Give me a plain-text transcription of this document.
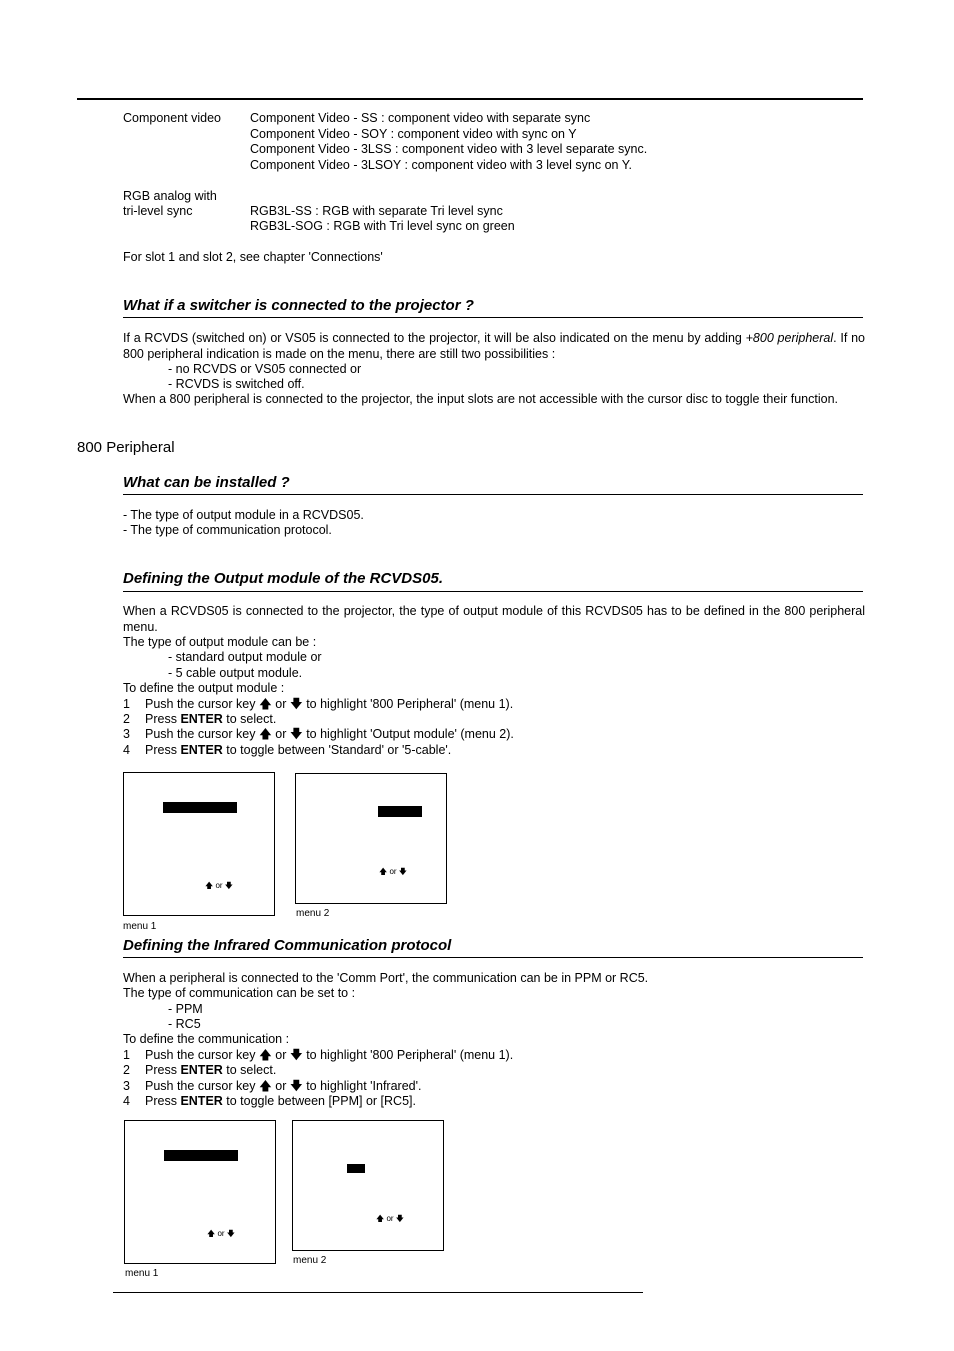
Component video Component Video - SS : component video with separate sync
Component Video - SOY : component video with sync on Y
Component Video - 3LSS : component video with 3 level separate sync.
Component Video - 3LSOY : component video with 3 level sync on Y.
RGB analog with
tri-level sync	RGB3L-SS : RGB with separate Tri level sync
RGB3L-SOG : RGB with Tri level sync on green
For slot 1 and slot 2, see chapter 'Connections'
What if a switcher is connected to the projector ?
If a RCVDS (switched on) or VS05 is connected to the projector, it will be also indicated on the menu by adding +800 peripheral. If no 800 peripheral indication is made on the menu, there are still two possibilities :
- no RCVDS or VS05 connected or
- RCVDS is switched off.
When a 800 peripheral is connected to the projector, the input slots are not accessible with the cursor disc to toggle their function.
800 Peripheral
What can be installed ?
- The type of output module in a RCVDS05.
- The type of communication protocol.
Defining the Output module of the RCVDS05.
When a RCVDS05 is connected to the projector, the type of output module of this RCVDS05 has to be defined in the 800 peripheral menu.
The type of output module can be :
- standard output module or
- 5 cable output module.
To define the output module :
1 Push the cursor key 🡅 or 🡇 to highlight '800 Peripheral' (menu 1).
2 Press ENTER to select.
3 Push the cursor key 🡅 or 🡇 to highlight 'Output module' (menu 2).
4 Press ENTER to toggle between 'Standard' or '5-cable'.
🡅 or 🡇
menu 1
🡅 or 🡇
menu 2
Defining the Infrared Communication protocol
When a peripheral is connected to the 'Comm Port', the communication can be in PPM or RC5.
The type of communication can be set to :
- PPM
- RC5
To define the communication :
1 Push the cursor key 🡅 or 🡇 to highlight '800 Peripheral' (menu 1).
2 Press ENTER to select.
3 Push the cursor key 🡅 or 🡇 to highlight 'Infrared'.
4 Press ENTER to toggle between [PPM] or [RC5].
🡅 or 🡇
menu 1
🡅 or 🡇
menu 2
